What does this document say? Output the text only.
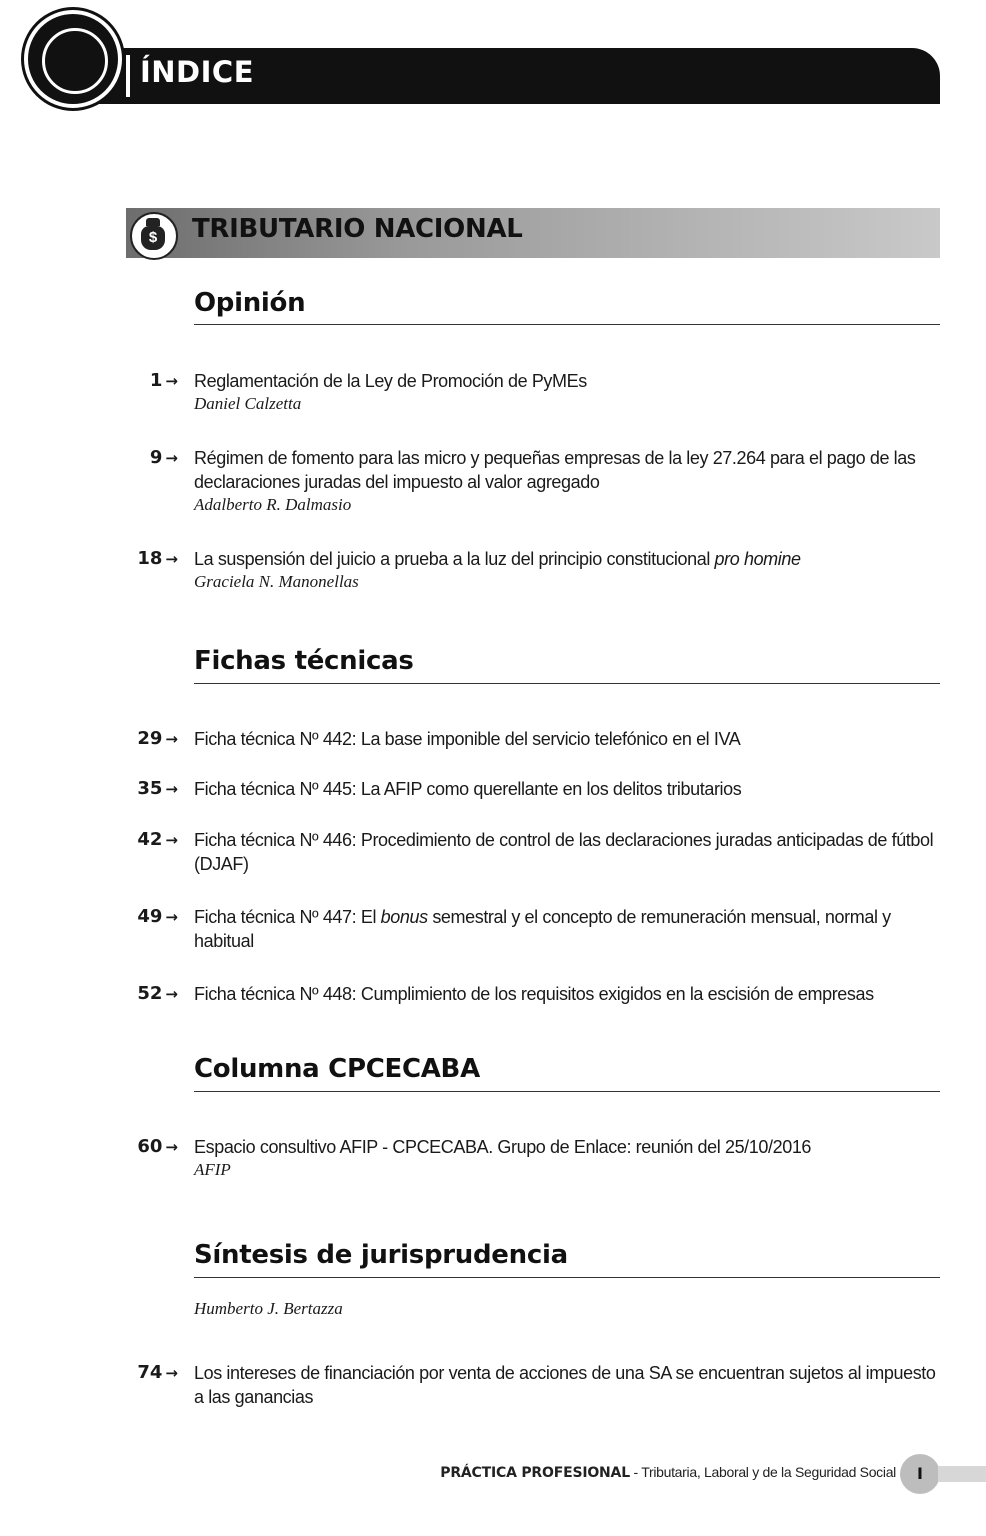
ÍNDICE
$	TRIBUTARIO NACIONAL
Opinión
1 → Reglamentación de la Ley de Promoción de PyMEs
Daniel Calzetta
9 → Régimen de fomento para las micro y pequeñas empresas de la ley 27.264 para el pago de las declaraciones juradas del impuesto al valor agregado
Adalberto R. Dalmasio
18 → La suspensión del juicio a prueba a la luz del principio constitucional pro homine
Graciela N. Manonellas
Fichas técnicas
29 → Ficha técnica Nº 442: La base imponible del servicio telefónico en el IVA
35 → Ficha técnica Nº 445: La AFIP como querellante en los delitos tributarios
42 → Ficha técnica Nº 446: Procedimiento de control de las declaraciones juradas anticipadas de fútbol (DJAF)
49 → Ficha técnica Nº 447: El bonus semestral y el concepto de remuneración mensual, normal y habitual
52 → Ficha técnica Nº 448: Cumplimiento de los requisitos exigidos en la escisión de empresas
Columna CPCECABA
60 → Espacio consultivo AFIP - CPCECABA. Grupo de Enlace: reunión del 25/10/2016
AFIP
Síntesis de jurisprudencia
Humberto J. Bertazza
74 → Los intereses de financiación por venta de acciones de una SA se encuentran sujetos al impuesto a las ganancias
PRÁCTICA PROFESIONAL - Tributaria, Laboral y de la Seguridad Social	I
